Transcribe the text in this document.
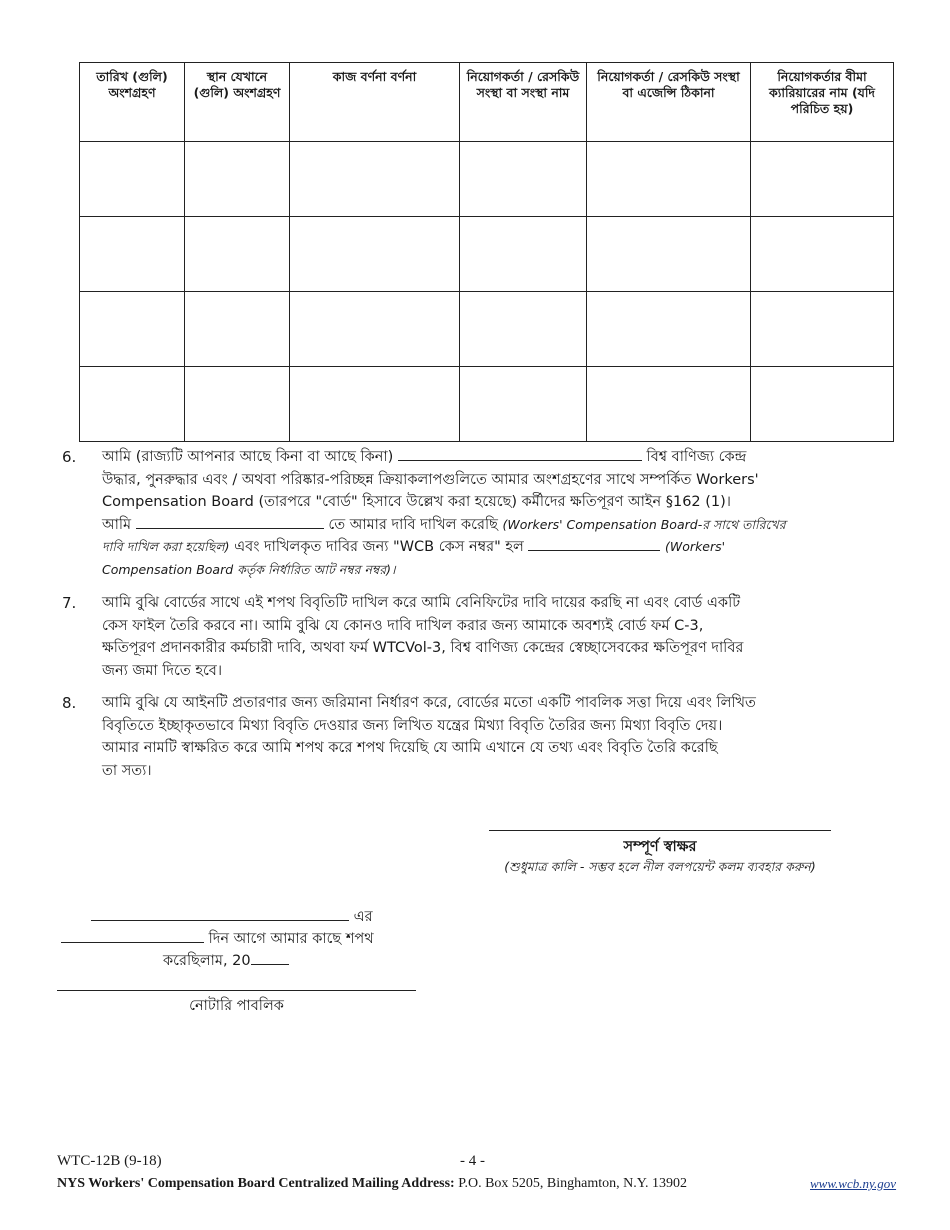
তারিখ (গুলি) অংশগ্রহণ	স্থান যেখানে (গুলি) অংশগ্রহণ	কাজ বর্ণনা বর্ণনা	নিয়োগকর্তা / রেসকিউ সংস্থা বা সংস্থা নাম	নিয়োগকর্তা / রেসকিউ সংস্থা বা এজেন্সি ঠিকানা	নিয়োগকর্তার বীমা ক্যারিয়ারের নাম (যদি পরিচিত হয়)

6. আমি (রাজ্যটি আপনার আছে কিনা বা আছে কিনা)	বিশ্ব বাণিজ্য কেন্দ্র
উদ্ধার, পুনরুদ্ধার এবং / অথবা পরিষ্কার-পরিচ্ছন্ন ক্রিয়াকলাপগুলিতে আমার অংশগ্রহণের সাথে সম্পর্কিত Workers'
Compensation Board (তারপরে "বোর্ড" হিসাবে উল্লেখ করা হয়েছে) কর্মীদের ক্ষতিপূরণ আইন §162 (1)।
আমি	তে আমার দাবি দাখিল করেছি (Workers' Compensation Board-র সাথে তারিখের
দাবি দাখিল করা হয়েছিল) এবং দাখিলকৃত দাবির জন্য "WCB কেস নম্বর" হল	(Workers'
Compensation Board কর্তৃক নির্ধারিত আট নম্বর নম্বর)।
7. আমি বুঝি বোর্ডের সাথে এই শপথ বিবৃতিটি দাখিল করে আমি বেনিফিটের দাবি দায়ের করছি না এবং বোর্ড একটি
কেস ফাইল তৈরি করবে না। আমি বুঝি যে কোনও দাবি দাখিল করার জন্য আমাকে অবশ্যই বোর্ড ফর্ম C-3,
ক্ষতিপূরণ প্রদানকারীর কর্মচারী দাবি, অথবা ফর্ম WTCVol-3, বিশ্ব বাণিজ্য কেন্দ্রের স্বেচ্ছাসেবকের ক্ষতিপূরণ দাবির
জন্য জমা দিতে হবে।
8. আমি বুঝি যে আইনটি প্রতারণার জন্য জরিমানা নির্ধারণ করে, বোর্ডের মতো একটি পাবলিক সত্তা দিয়ে এবং লিখিত
বিবৃতিতে ইচ্ছাকৃতভাবে মিথ্যা বিবৃতি দেওয়ার জন্য লিখিত যন্ত্রের মিথ্যা বিবৃতি তৈরির জন্য মিথ্যা বিবৃতি দেয়।
আমার নামটি স্বাক্ষরিত করে আমি শপথ করে শপথ দিয়েছি যে আমি এখানে যে তথ্য এবং বিবৃতি তৈরি করেছি
তা সত্য।
সম্পূর্ণ স্বাক্ষর
(শুধুমাত্র কালি - সম্ভব হলে নীল বলপয়েন্ট কলম ব্যবহার করুন)
এর
দিন আগে আমার কাছে শপথ
করেছিলাম, 20
নোটারি পাবলিক
WTC-12B (9-18)	- 4 -
NYS Workers' Compensation Board Centralized Mailing Address: P.O. Box 5205, Binghamton, N.Y. 13902	www.wcb.ny.gov
